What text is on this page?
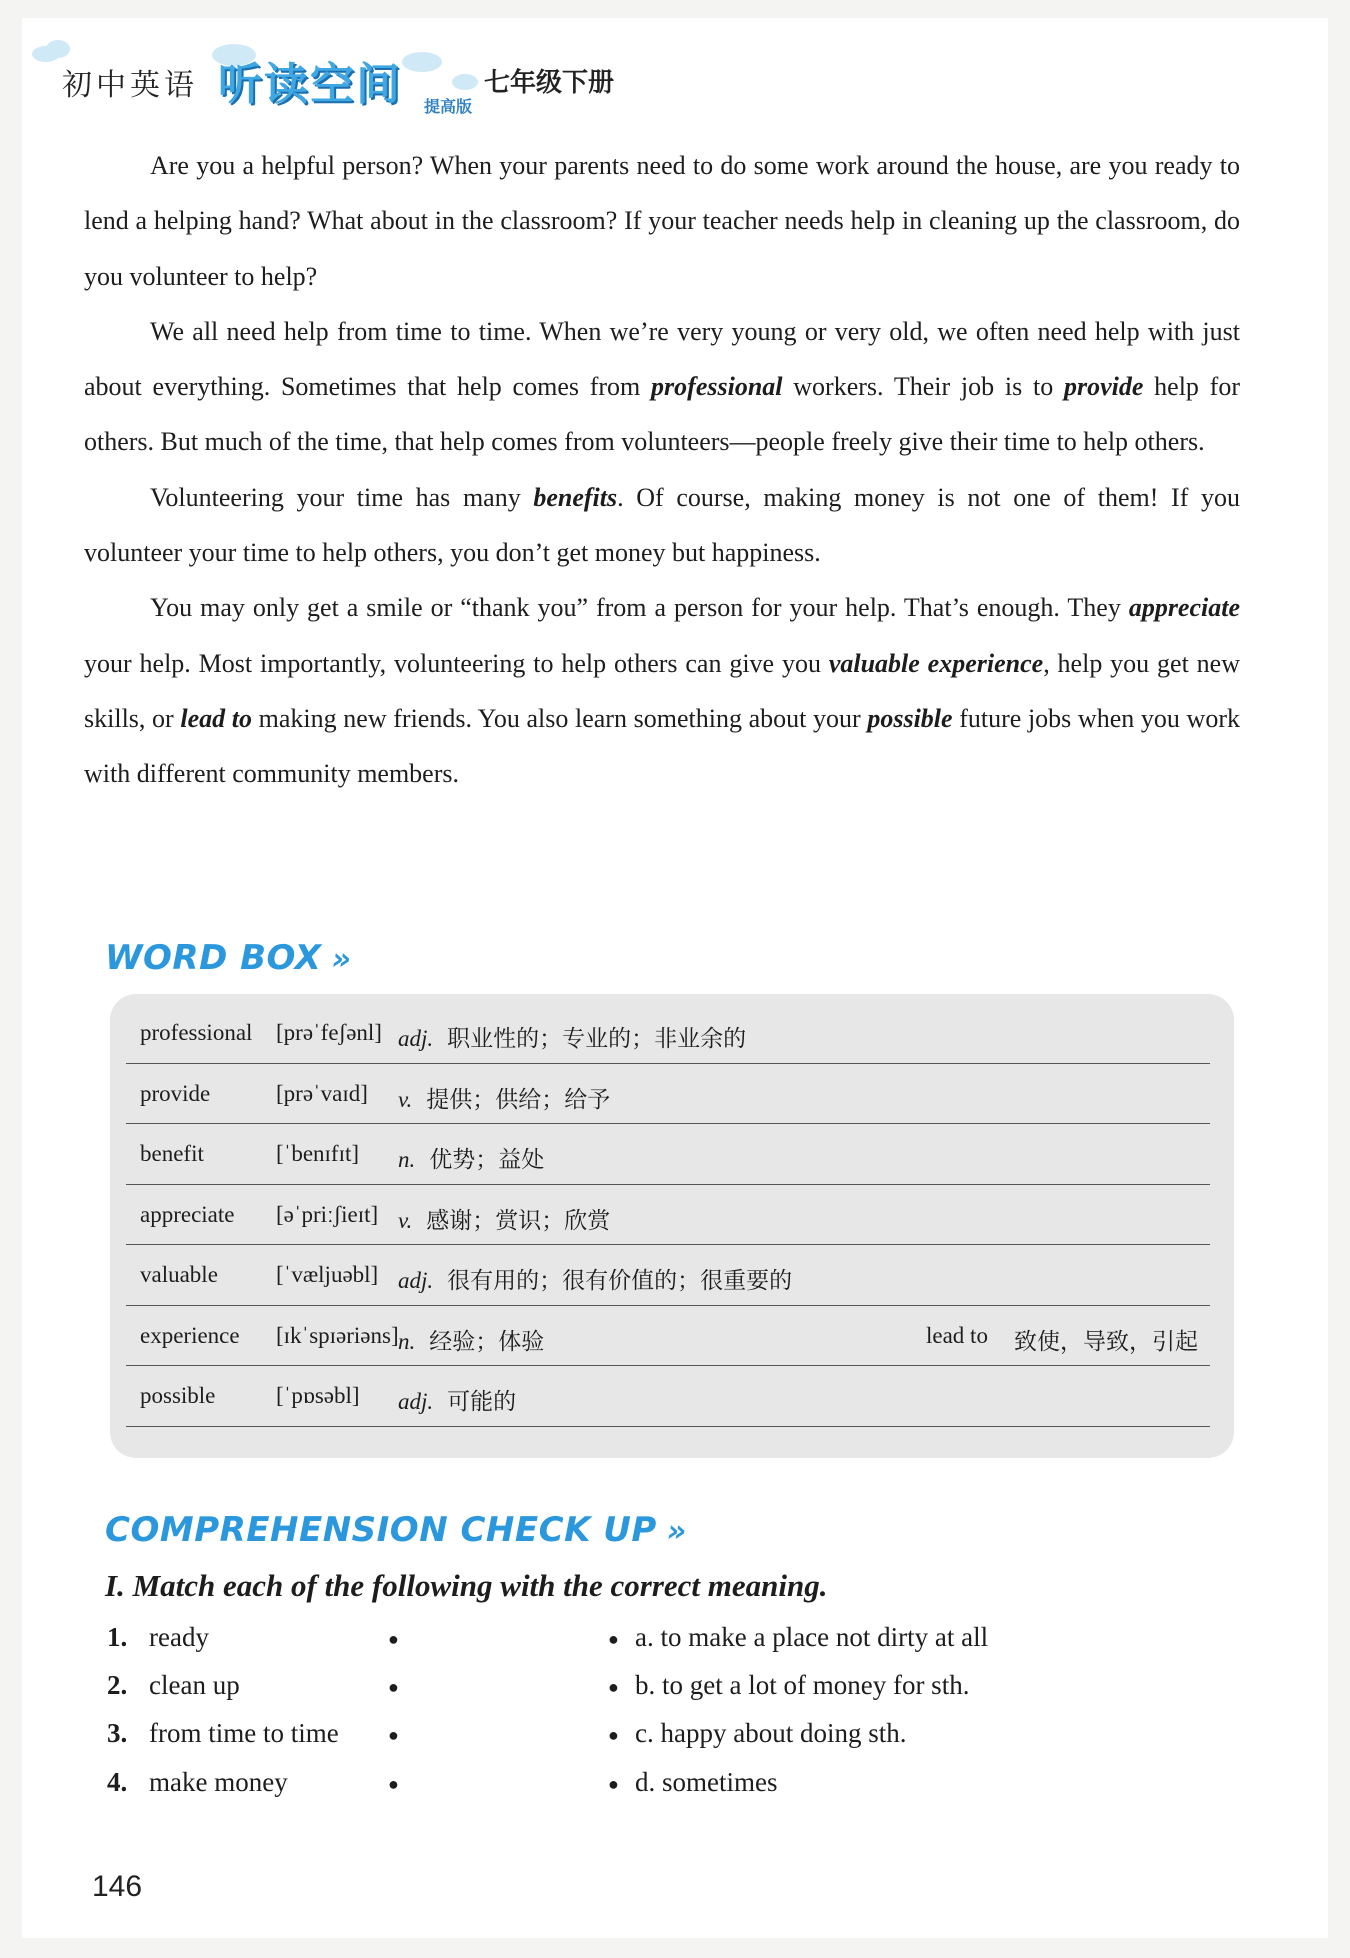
初中英语 听读空间 提高版
七年级下册

Are you a helpful person? When your parents need to do some work around the house, are you ready to lend a helping hand? What about in the classroom? If your teacher needs help in cleaning up the classroom, do you volunteer to help?

We all need help from time to time. When we’re very young or very old, we often need help with just about everything. Sometimes that help comes from professional workers. Their job is to provide help for others. But much of the time, that help comes from volunteers—people freely give their time to help others.

Volunteering your time has many benefits. Of course, making money is not one of them! If you volunteer your time to help others, you don’t get money but happiness.

You may only get a smile or “thank you” from a person for your help. That’s enough. They appreciate your help. Most importantly, volunteering to help others can give you valuable experience, help you get new skills, or lead to making new friends. You also learn something about your possible future jobs when you work with different community members.

WORD BOX »
professional [prəˈfeʃənl] adj. 职业性的；专业的；非业余的
provide	[prəˈvaɪd] v. 提供；供给；给予
benefit	[ˈbenɪfɪt] n. 优势；益处
appreciate [əˈpriːʃieɪt] v. 感谢；赏识；欣赏
valuable	[ˈvæljuəbl] adj. 很有用的；很有价值的；很重要的
experience [ɪkˈspɪəriəns] n. 经验；体验	lead to 致使，导致，引起
possible	[ˈpɒsəbl] adj. 可能的
COMPREHENSION CHECK UP »
I. Match each of the following with the correct meaning.
1. ready	●	● a. to make a place not dirty at all
2. clean up	●	● b. to get a lot of money for sth.
3. from time to time	●	● c. happy about doing sth.
4. make money	●	● d. sometimes
146
